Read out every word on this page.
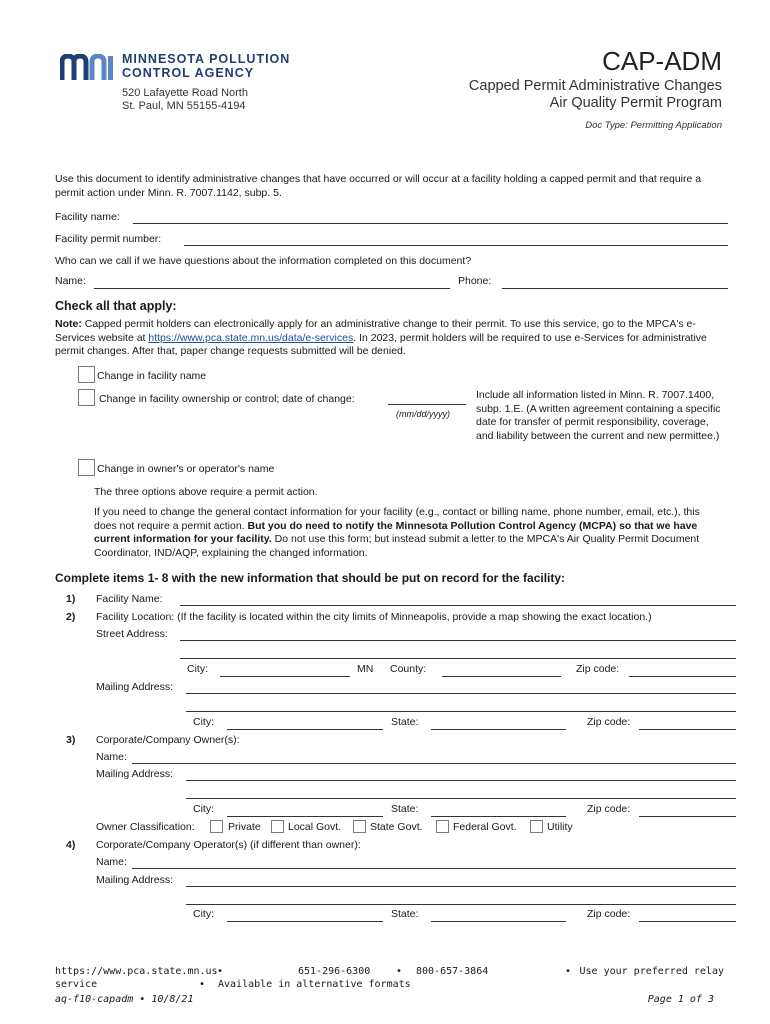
MINNESOTA POLLUTION
CONTROL AGENCY
520 Lafayette Road North
St. Paul, MN 55155-4194
CAP-ADM
Capped Permit Administrative Changes
Air Quality Permit Program
Doc Type: Permitting Application
Use this document to identify administrative changes that have occurred or will occur at a facility holding a capped permit and that require a permit action under Minn. R. 7007.1142, subp. 5.
Facility name:
Facility permit number:
Who can we call if we have questions about the information completed on this document?
Name:	Phone:
Check all that apply:
Note: Capped permit holders can electronically apply for an administrative change to their permit. To use this service, go to the MPCA's e-Services website at https://www.pca.state.mn.us/data/e-services. In 2023, permit holders will be required to use e-Services for administrative permit changes. After that, paper change requests submitted will be denied.
Change in facility name
Change in facility ownership or control; date of change:
(mm/dd/yyyy)
Include all information listed in Minn. R. 7007.1400, subp. 1.E. (A written agreement containing a specific date for transfer of permit responsibility, coverage, and liability between the current and new permittee.)
Change in owner's or operator's name
The three options above require a permit action.
If you need to change the general contact information for your facility (e.g., contact or billing name, phone number, email, etc.), this does not require a permit action. But you do need to notify the Minnesota Pollution Control Agency (MCPA) so that we have current information for your facility. Do not use this form; but instead submit a letter to the MPCA's Air Quality Permit Document Coordinator, IND/AQP, explaining the changed information.
Complete items 1- 8 with the new information that should be put on record for the facility:
1) Facility Name:
2) Facility Location: (If the facility is located within the city limits of Minneapolis, provide a map showing the exact location.)
Street Address:
City:	MN County:	Zip code:
Mailing Address:
City:	State:	Zip code:
3) Corporate/Company Owner(s):
Name:
Mailing Address:
City:	State:	Zip code:
Owner Classification:	Private	Local Govt.	State Govt.	Federal Govt.	Utility
4) Corporate/Company Operator(s) (if different than owner):
Name:
Mailing Address:
City:	State:	Zip code:
https://www.pca.state.mn.us •	651-296-6300	• 800-657-3864	• Use your preferred relay
service	• Available in alternative formats
aq-f10-capadm • 10/8/21	Page 1 of 3
